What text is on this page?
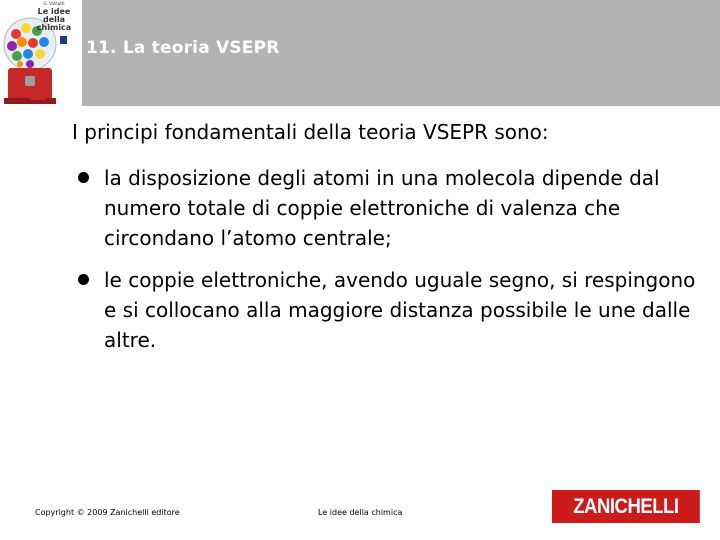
G. Valitutti
Le idee della chimica
11. La teoria VSEPR
I principi fondamentali della teoria VSEPR sono:
la disposizione degli atomi in una molecola dipende dal numero totale di coppie elettroniche di valenza che circondano l’atomo centrale;
le coppie elettroniche, avendo uguale segno, si respingono e si collocano alla maggiore distanza possibile le une dalle altre.
Copyright © 2009 Zanichelli editore	Le idee della chimica	ZANICHELLI
